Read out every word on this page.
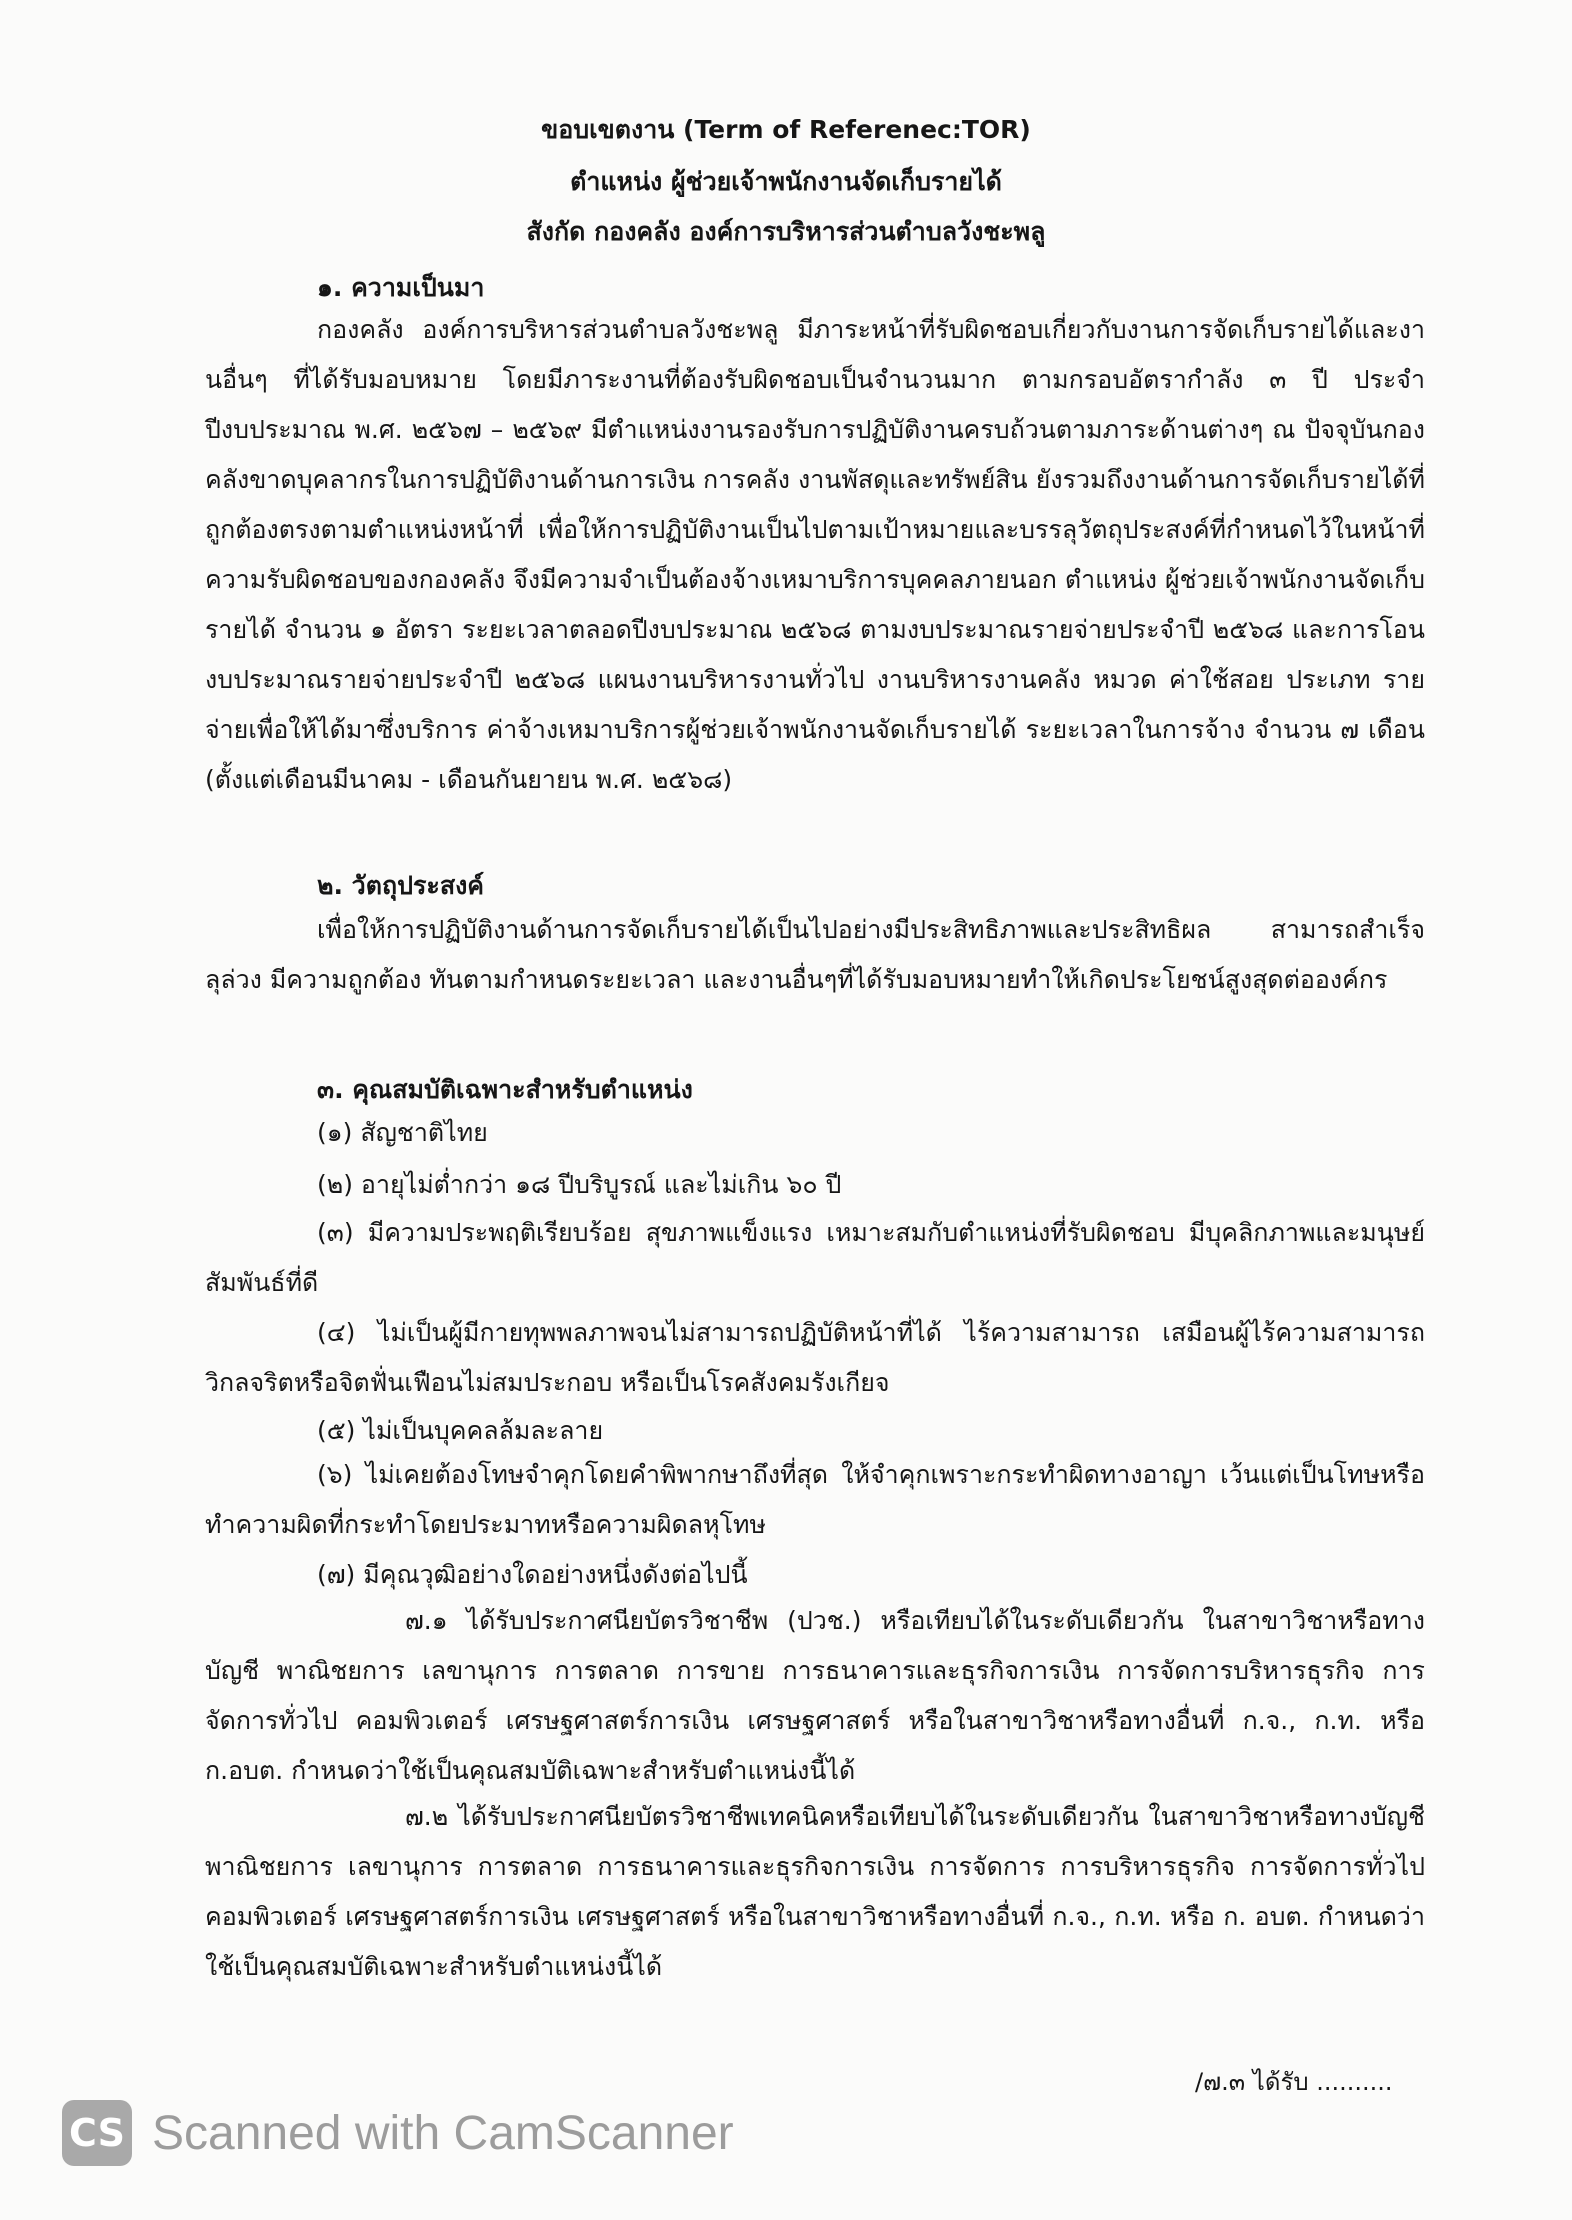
ขอบเขตงาน (Term of Referenec:TOR)
ตำแหน่ง ผู้ช่วยเจ้าพนักงานจัดเก็บรายได้
สังกัด กองคลัง องค์การบริหารส่วนตำบลวังชะพลู
๑. ความเป็นมา
กองคลัง องค์การบริหารส่วนตำบลวังชะพลู มีภาระหน้าที่รับผิดชอบเกี่ยวกับงานการจัดเก็บรายได้และงานอื่นๆ ที่ได้รับมอบหมาย โดยมีภาระงานที่ต้องรับผิดชอบเป็นจำนวนมาก ตามกรอบอัตรากำลัง ๓ ปี ประจำปีงบประมาณ พ.ศ. ๒๕๖๗ – ๒๕๖๙ มีตำแหน่งงานรองรับการปฏิบัติงานครบถ้วนตามภาระด้านต่างๆ ณ ปัจจุบันกองคลังขาดบุคลากรในการปฏิบัติงานด้านการเงิน การคลัง งานพัสดุและทรัพย์สิน ยังรวมถึงงานด้านการจัดเก็บรายได้ที่ถูกต้องตรงตามตำแหน่งหน้าที่ เพื่อให้การปฏิบัติงานเป็นไปตามเป้าหมายและบรรลุวัตถุประสงค์ที่กำหนดไว้ในหน้าที่ความรับผิดชอบของกองคลัง จึงมีความจำเป็นต้องจ้างเหมาบริการบุคคลภายนอก ตำแหน่ง ผู้ช่วยเจ้าพนักงานจัดเก็บรายได้ จำนวน ๑ อัตรา ระยะเวลาตลอดปีงบประมาณ ๒๕๖๘ ตามงบประมาณรายจ่ายประจำปี ๒๕๖๘ และการโอนงบประมาณรายจ่ายประจำปี ๒๕๖๘ แผนงานบริหารงานทั่วไป งานบริหารงานคลัง หมวด ค่าใช้สอย ประเภท รายจ่ายเพื่อให้ได้มาซึ่งบริการ ค่าจ้างเหมาบริการผู้ช่วยเจ้าพนักงานจัดเก็บรายได้ ระยะเวลาในการจ้าง จำนวน ๗ เดือน (ตั้งแต่เดือนมีนาคม - เดือนกันยายน พ.ศ. ๒๕๖๘)
๒. วัตถุประสงค์
เพื่อให้การปฏิบัติงานด้านการจัดเก็บรายได้เป็นไปอย่างมีประสิทธิภาพและประสิทธิผล สามารถสำเร็จลุล่วง มีความถูกต้อง ทันตามกำหนดระยะเวลา และงานอื่นๆที่ได้รับมอบหมายทำให้เกิดประโยชน์สูงสุดต่อองค์กร
๓. คุณสมบัติเฉพาะสำหรับตำแหน่ง
(๑) สัญชาติไทย
(๒) อายุไม่ต่ำกว่า ๑๘ ปีบริบูรณ์ และไม่เกิน ๖๐ ปี
(๓) มีความประพฤติเรียบร้อย สุขภาพแข็งแรง เหมาะสมกับตำแหน่งที่รับผิดชอบ มีบุคลิกภาพและมนุษย์สัมพันธ์ที่ดี
(๔) ไม่เป็นผู้มีกายทุพพลภาพจนไม่สามารถปฏิบัติหน้าที่ได้ ไร้ความสามารถ เสมือนผู้ไร้ความสามารถ วิกลจริตหรือจิตฟั่นเฟือนไม่สมประกอบ หรือเป็นโรคสังคมรังเกียจ
(๕) ไม่เป็นบุคคลล้มละลาย
(๖) ไม่เคยต้องโทษจำคุกโดยคำพิพากษาถึงที่สุด ให้จำคุกเพราะกระทำผิดทางอาญา เว้นแต่เป็นโทษหรือทำความผิดที่กระทำโดยประมาทหรือความผิดลหุโทษ
(๗) มีคุณวุฒิอย่างใดอย่างหนึ่งดังต่อไปนี้
๗.๑ ได้รับประกาศนียบัตรวิชาชีพ (ปวช.) หรือเทียบได้ในระดับเดียวกัน ในสาขาวิชาหรือทางบัญชี พาณิชยการ เลขานุการ การตลาด การขาย การธนาคารและธุรกิจการเงิน การจัดการบริหารธุรกิจ การจัดการทั่วไป คอมพิวเตอร์ เศรษฐศาสตร์การเงิน เศรษฐศาสตร์ หรือในสาขาวิชาหรือทางอื่นที่ ก.จ., ก.ท. หรือ ก.อบต. กำหนดว่าใช้เป็นคุณสมบัติเฉพาะสำหรับตำแหน่งนี้ได้
๗.๒ ได้รับประกาศนียบัตรวิชาชีพเทคนิคหรือเทียบได้ในระดับเดียวกัน ในสาขาวิชาหรือทางบัญชี พาณิชยการ เลขานุการ การตลาด การธนาคารและธุรกิจการเงิน การจัดการ การบริหารธุรกิจ การจัดการทั่วไป คอมพิวเตอร์ เศรษฐศาสตร์การเงิน เศรษฐศาสตร์ หรือในสาขาวิชาหรือทางอื่นที่ ก.จ., ก.ท. หรือ ก. อบต. กำหนดว่าใช้เป็นคุณสมบัติเฉพาะสำหรับตำแหน่งนี้ได้
/๗.๓ ได้รับ ..........
CS Scanned with CamScanner
